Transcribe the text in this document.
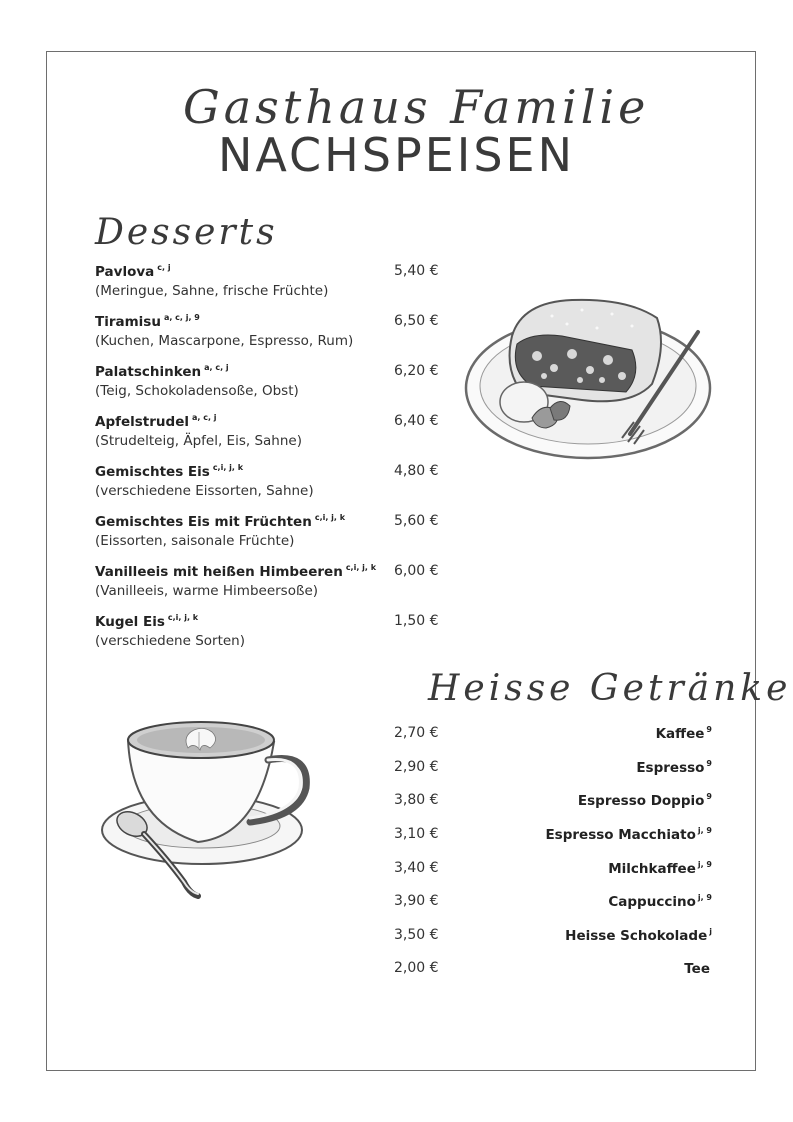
Gasthaus Familie
NACHSPEISEN
Desserts
Pavlova $^{c, j}$
(Meringue, Sahne, frische Früchte)
5,40 €
Tiramisu $^{a, c, j, 9}$
(Kuchen, Mascarpone, Espresso, Rum)
6,50 €
Palatschinken $^{a, c, j}$
(Teig, Schokoladensoße, Obst)
6,20 €
Apfelstrudel $^{a, c, j}$
(Strudelteig, Äpfel, Eis, Sahne)
6,40 €
Gemischtes Eis $^{c,i, j, k}$
(verschiedene Eissorten, Sahne)
4,80 €
Gemischtes Eis mit Früchten $^{c,i, j, k}$
(Eissorten, saisonale Früchte)
5,60 €
Vanilleeis mit heißen Himbeeren $^{c,i, j, k}$
(Vanilleeis, warme Himbeersoße)
6,00 €
Kugel Eis $^{c,i, j, k}$
(verschiedene Sorten)
1,50 €
Heisse Getränke
2,70 €	Kaffee $^9$
2,90 €	Espresso $^9$
3,80 €	Espresso Doppio $^9$
3,10 €	Espresso Macchiato $^{j, 9}$
3,40 €	Milchkaffee $^{j, 9}$
3,90 €	Cappuccino $^{j, 9}$
3,50 €	Heisse Schokolade $^j$
2,00 €	Tee
